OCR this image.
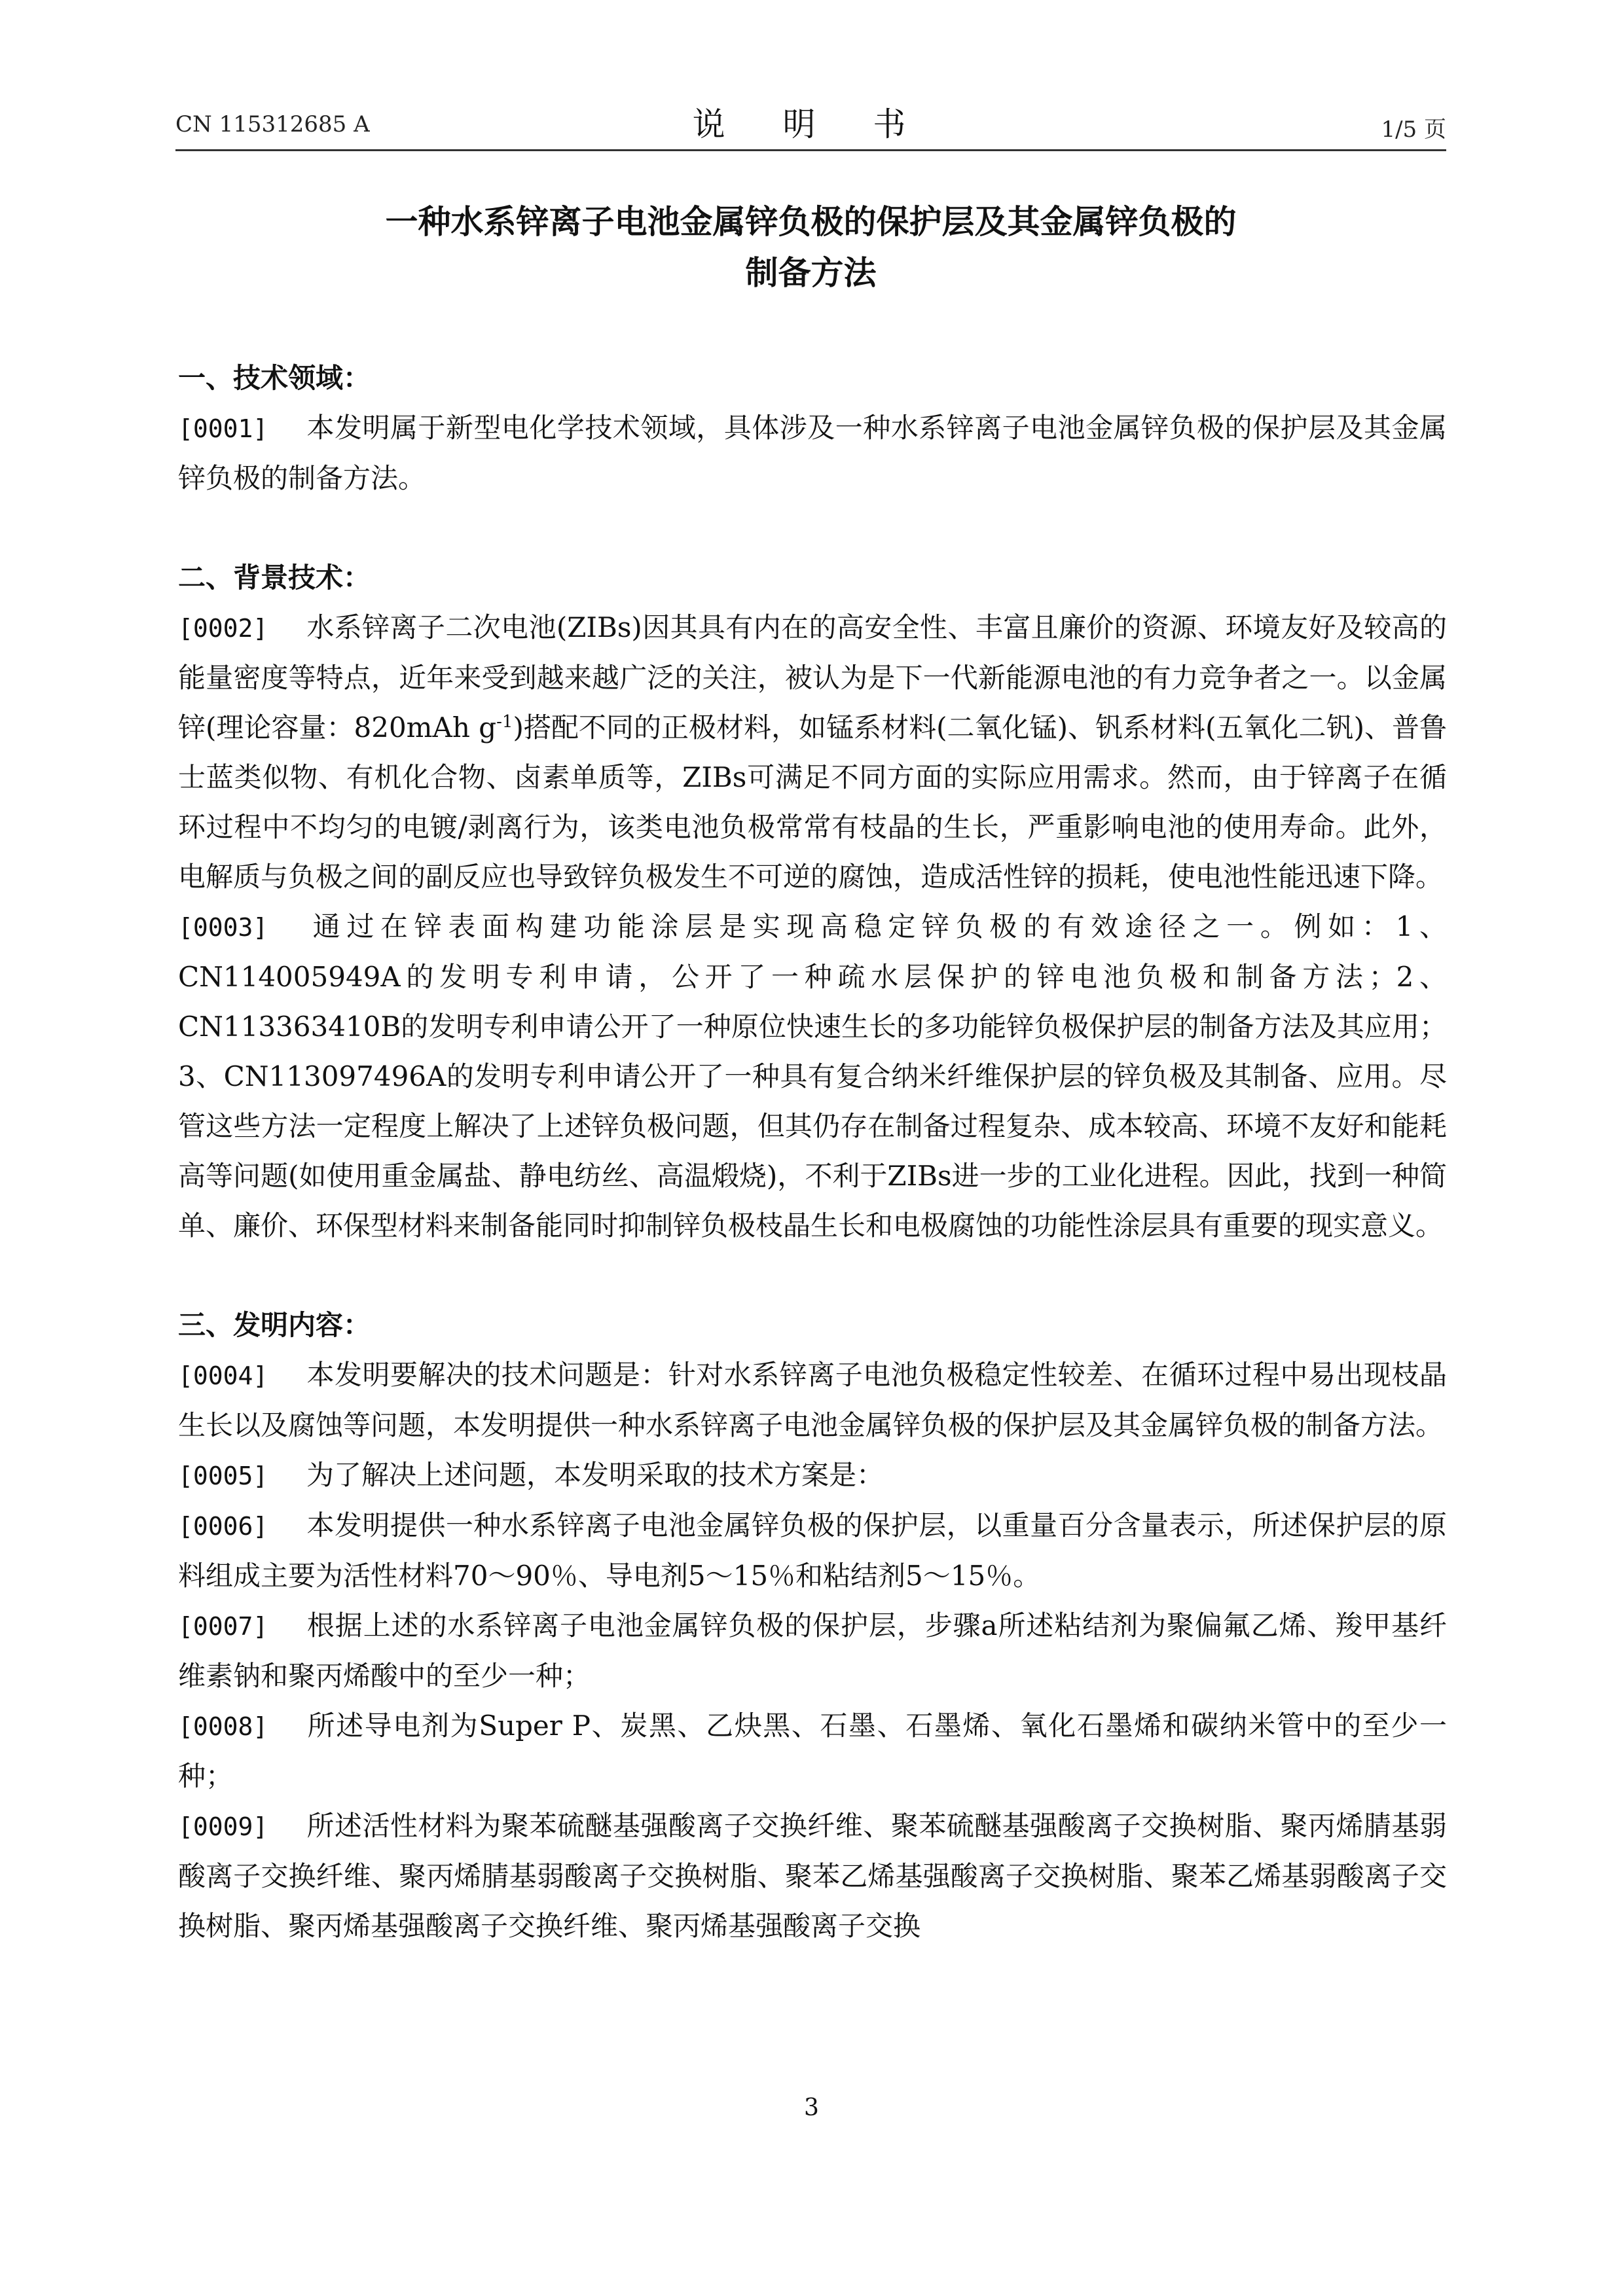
CN 115312685 A	说 明 书	1/5 页
一种水系锌离子电池金属锌负极的保护层及其金属锌负极的
制备方法
一、技术领域：
[0001] 本发明属于新型电化学技术领域，具体涉及一种水系锌离子电池金属锌负极的保护层及其金属锌负极的制备方法。
二、背景技术：
[0002] 水系锌离子二次电池(ZIBs)因其具有内在的高安全性、丰富且廉价的资源、环境友好及较高的能量密度等特点，近年来受到越来越广泛的关注，被认为是下一代新能源电池的有力竞争者之一。以金属锌(理论容量：820mAh $g^{-1}$)搭配不同的正极材料，如锰系材料(二氧化锰)、钒系材料(五氧化二钒)、普鲁士蓝类似物、有机化合物、卤素单质等，ZIBs可满足不同方面的实际应用需求。然而，由于锌离子在循环过程中不均匀的电镀/剥离行为，该类电池负极常常有枝晶的生长，严重影响电池的使用寿命。此外，电解质与负极之间的副反应也导致锌负极发生不可逆的腐蚀，造成活性锌的损耗，使电池性能迅速下降。
[0003] 通过在锌表面构建功能涂层是实现高稳定锌负极的有效途径之一。例如：1、CN114005949A的发明专利申请，公开了一种疏水层保护的锌电池负极和制备方法；2、CN113363410B的发明专利申请公开了一种原位快速生长的多功能锌负极保护层的制备方法及其应用；3、CN113097496A的发明专利申请公开了一种具有复合纳米纤维保护层的锌负极及其制备、应用。尽管这些方法一定程度上解决了上述锌负极问题，但其仍存在制备过程复杂、成本较高、环境不友好和能耗高等问题(如使用重金属盐、静电纺丝、高温煅烧)，不利于ZIBs进一步的工业化进程。因此，找到一种简单、廉价、环保型材料来制备能同时抑制锌负极枝晶生长和电极腐蚀的功能性涂层具有重要的现实意义。
三、发明内容：
[0004] 本发明要解决的技术问题是：针对水系锌离子电池负极稳定性较差、在循环过程中易出现枝晶生长以及腐蚀等问题，本发明提供一种水系锌离子电池金属锌负极的保护层及其金属锌负极的制备方法。
[0005] 为了解决上述问题，本发明采取的技术方案是：
[0006] 本发明提供一种水系锌离子电池金属锌负极的保护层，以重量百分含量表示，所述保护层的原料组成主要为活性材料70～90％、导电剂5～15％和粘结剂5～15％。
[0007] 根据上述的水系锌离子电池金属锌负极的保护层，步骤a所述粘结剂为聚偏氟乙烯、羧甲基纤维素钠和聚丙烯酸中的至少一种；
[0008] 所述导电剂为Super P、炭黑、乙炔黑、石墨、石墨烯、氧化石墨烯和碳纳米管中的至少一种；
[0009] 所述活性材料为聚苯硫醚基强酸离子交换纤维、聚苯硫醚基强酸离子交换树脂、聚丙烯腈基弱酸离子交换纤维、聚丙烯腈基弱酸离子交换树脂、聚苯乙烯基强酸离子交换树脂、聚苯乙烯基弱酸离子交换树脂、聚丙烯基强酸离子交换纤维、聚丙烯基强酸离子交换
3
